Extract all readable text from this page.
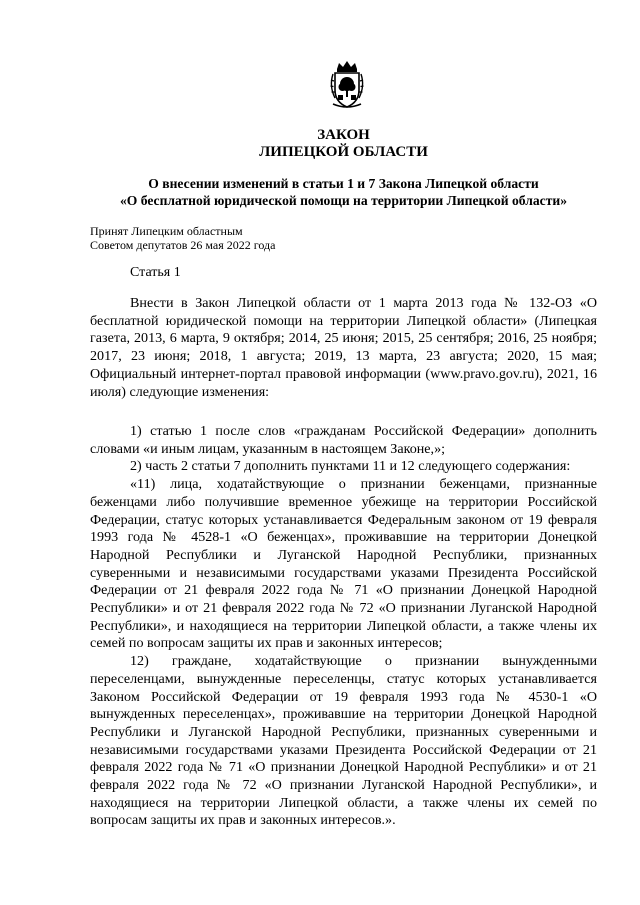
ЗАКОН
ЛИПЕЦКОЙ ОБЛАСТИ
О внесении изменений в статьи 1 и 7 Закона Липецкой области
«О бесплатной юридической помощи на территории Липецкой области»
Принят Липецким областным
Советом депутатов 26 мая 2022 года
Статья 1

Внести в Закон Липецкой области от 1 марта 2013 года № 132-ОЗ «О бесплатной юридической помощи на территории Липецкой области» (Липецкая газета, 2013, 6 марта, 9 октября; 2014, 25 июня; 2015, 25 сентября; 2016, 25 ноября; 2017, 23 июня; 2018, 1 августа; 2019, 13 марта, 23 августа; 2020, 15 мая; Официальный интернет-портал правовой информации (www.pravo.gov.ru), 2021, 16 июля) следующие изменения:

1) статью 1 после слов «гражданам Российской Федерации» дополнить словами «и иным лицам, указанным в настоящем Законе,»;

2) часть 2 статьи 7 дополнить пунктами 11 и 12 следующего содержания:

«11) лица, ходатайствующие о признании беженцами, признанные беженцами либо получившие временное убежище на территории Российской Федерации, статус которых устанавливается Федеральным законом от 19 февраля 1993 года № 4528-1 «О беженцах», проживавшие на территории Донецкой Народной Республики и Луганской Народной Республики, признанных суверенными и независимыми государствами указами Президента Российской Федерации от 21 февраля 2022 года № 71 «О признании Донецкой Народной Республики» и от 21 февраля 2022 года № 72 «О признании Луганской Народной Республики», и находящиеся на территории Липецкой области, а также члены их семей по вопросам защиты их прав и законных интересов;

12) граждане, ходатайствующие о признании вынужденными переселенцами, вынужденные переселенцы, статус которых устанавливается Законом Российской Федерации от 19 февраля 1993 года № 4530-1 «О вынужденных переселенцах», проживавшие на территории Донецкой Народной Республики и Луганской Народной Республики, признанных суверенными и независимыми государствами указами Президента Российской Федерации от 21 февраля 2022 года № 71 «О признании Донецкой Народной Республики» и от 21 февраля 2022 года № 72 «О признании Луганской Народной Республики», и находящиеся на территории Липецкой области, а также члены их семей по вопросам защиты их прав и законных интересов.».
